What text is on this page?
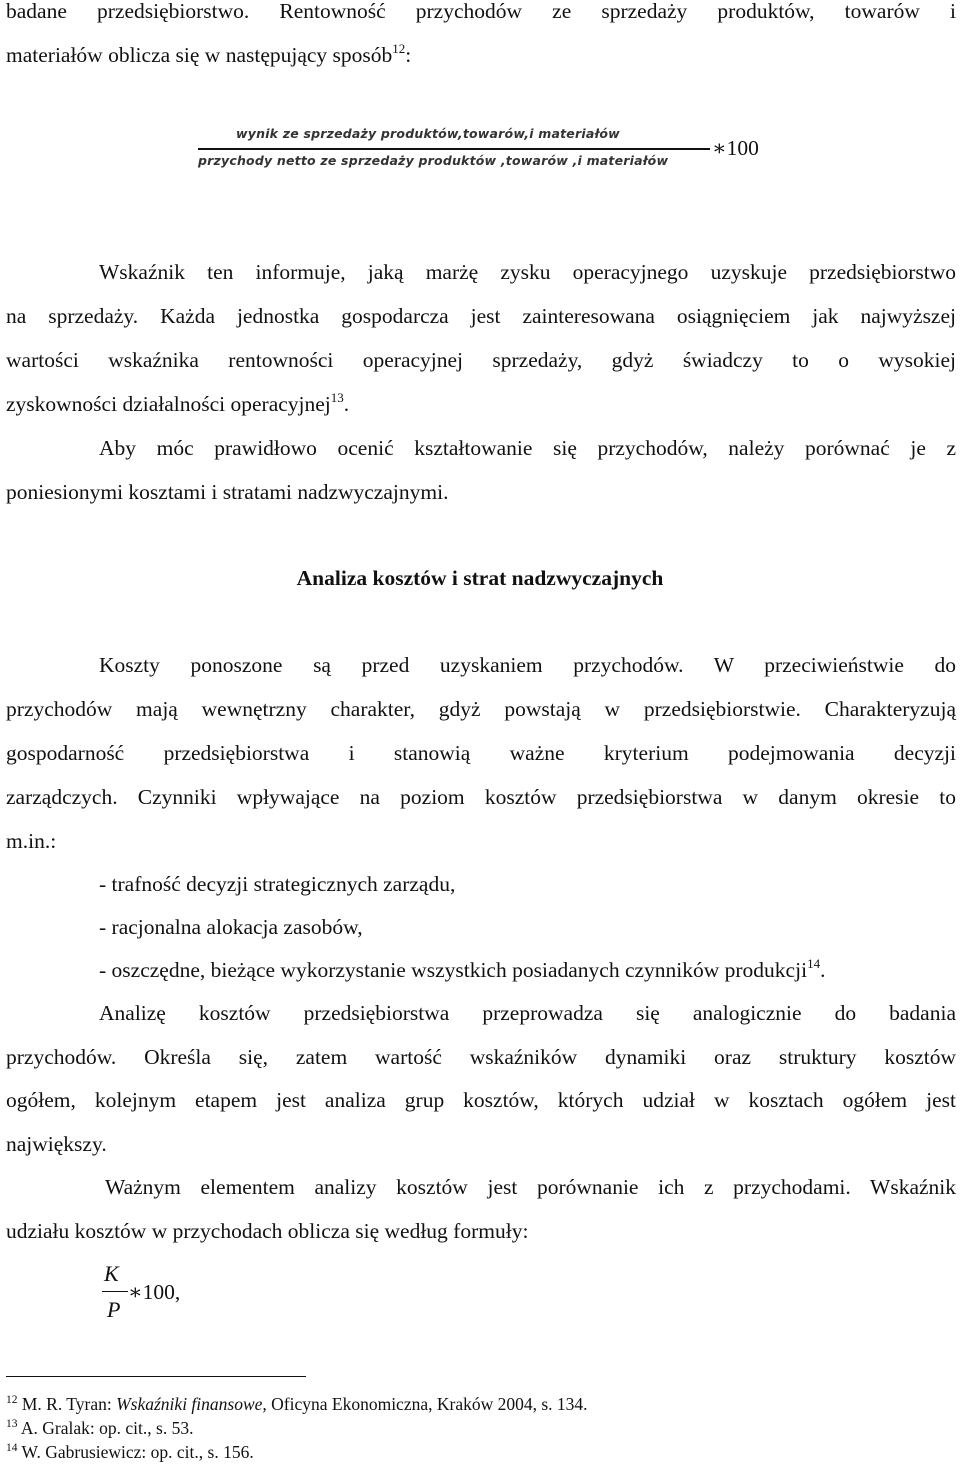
badane przedsiębiorstwo. Rentowność przychodów ze sprzedaży produktów, towarów i
materiałów oblicza się w następujący sposób$^{12}$:
wynik ze sprzedaży produktów,towarów,i materiałów
przychody netto ze sprzedaży produktów ,towarów ,i materiałów
∗100
Wskaźnik ten informuje, jaką marżę zysku operacyjnego uzyskuje przedsiębiorstwo
na sprzedaży. Każda jednostka gospodarcza jest zainteresowana osiągnięciem jak najwyższej
wartości wskaźnika rentowności operacyjnej sprzedaży, gdyż świadczy to o wysokiej
zyskowności działalności operacyjnej$^{13}$.
Aby móc prawidłowo ocenić kształtowanie się przychodów, należy porównać je z
poniesionymi kosztami i stratami nadzwyczajnymi.
Analiza kosztów i strat nadzwyczajnych
Koszty ponoszone są przed uzyskaniem przychodów. W przeciwieństwie do
przychodów mają wewnętrzny charakter, gdyż powstają w przedsiębiorstwie. Charakteryzują
gospodarność przedsiębiorstwa i stanowią ważne kryterium podejmowania decyzji
zarządczych. Czynniki wpływające na poziom kosztów przedsiębiorstwa w danym okresie to
m.in.:
- trafność decyzji strategicznych zarządu,
- racjonalna alokacja zasobów,
- oszczędne, bieżące wykorzystanie wszystkich posiadanych czynników produkcji$^{14}$.
Analizę kosztów przedsiębiorstwa przeprowadza się analogicznie do badania
przychodów. Określa się, zatem wartość wskaźników dynamiki oraz struktury kosztów
ogółem, kolejnym etapem jest analiza grup kosztów, których udział w kosztach ogółem jest
największy.
Ważnym elementem analizy kosztów jest porównanie ich z przychodami. Wskaźnik
udziału kosztów w przychodach oblicza się według formuły:
K
P
∗100,
$^{12}$ M. R. Tyran: Wskaźniki finansowe, Oficyna Ekonomiczna, Kraków 2004, s. 134.
$^{13}$ A. Gralak: op. cit., s. 53.
$^{14}$ W. Gabrusiewicz: op. cit., s. 156.
